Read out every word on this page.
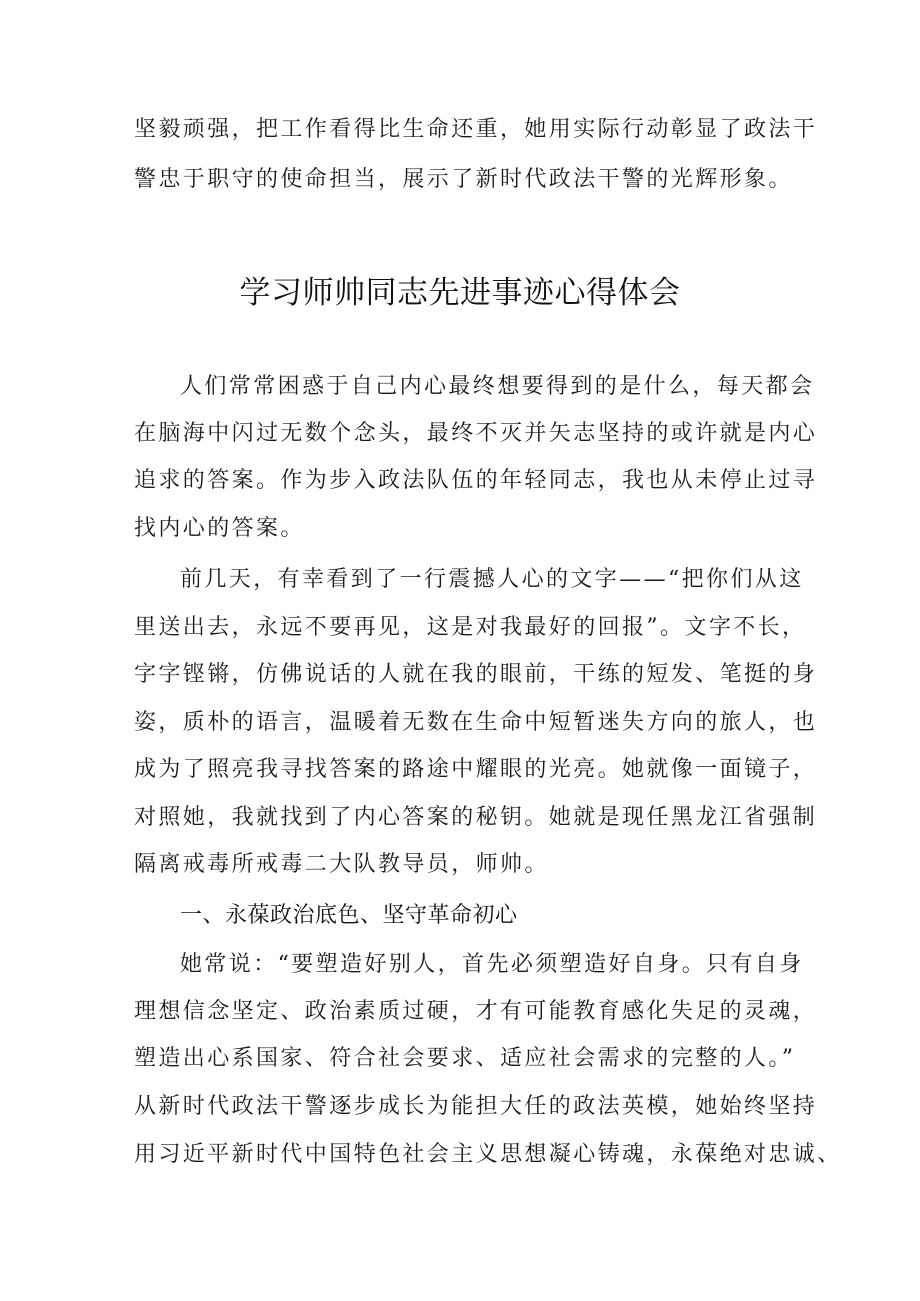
坚毅顽强，把工作看得比生命还重，她用实际行动彰显了政法干
警忠于职守的使命担当，展示了新时代政法干警的光辉形象。
学习师帅同志先进事迹心得体会
人们常常困惑于自己内心最终想要得到的是什么，每天都会
在脑海中闪过无数个念头，最终不灭并矢志坚持的或许就是内心
追求的答案。作为步入政法队伍的年轻同志，我也从未停止过寻
找内心的答案。
前几天，有幸看到了一行震撼人心的文字——“把你们从这
里送出去，永远不要再见，这是对我最好的回报”。文字不长，
字字铿锵，仿佛说话的人就在我的眼前，干练的短发、笔挺的身
姿，质朴的语言，温暖着无数在生命中短暂迷失方向的旅人，也
成为了照亮我寻找答案的路途中耀眼的光亮。她就像一面镜子，
对照她，我就找到了内心答案的秘钥。她就是现任黑龙江省强制
隔离戒毒所戒毒二大队教导员，师帅。
一、永葆政治底色、坚守革命初心
她常说：“要塑造好别人，首先必须塑造好自身。只有自身
理想信念坚定、政治素质过硬，才有可能教育感化失足的灵魂，
塑造出心系国家、符合社会要求、适应社会需求的完整的人。”
从新时代政法干警逐步成长为能担大任的政法英模，她始终坚持
用习近平新时代中国特色社会主义思想凝心铸魂，永葆绝对忠诚、
